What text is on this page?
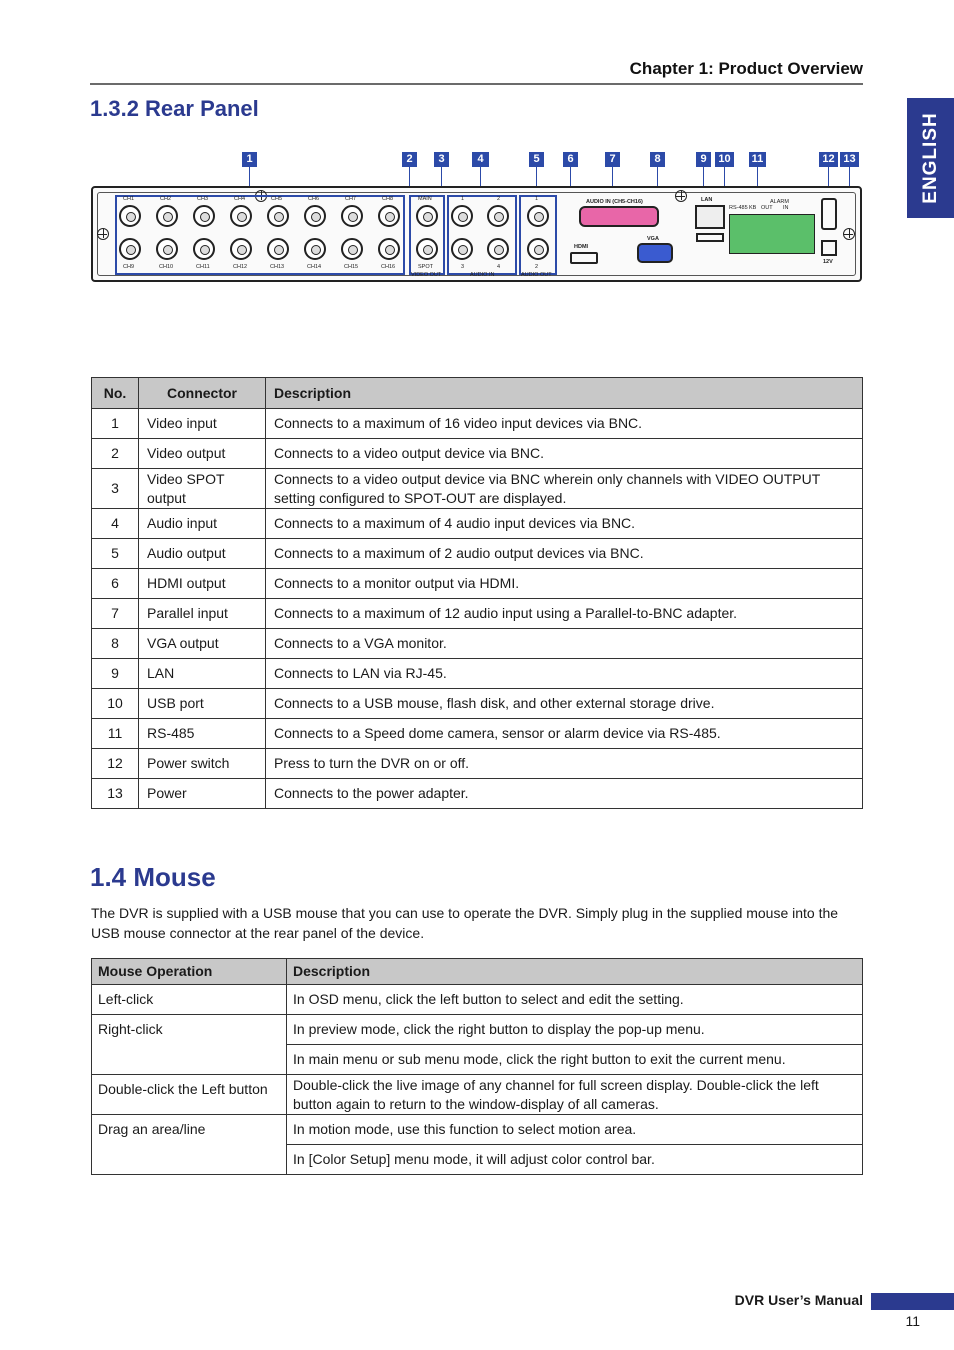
Chapter 1: Product Overview
ENGLISH
1.3.2 Rear Panel
1	2	3	4	5	6	7	8	9	10	11	12 13
CH1	CH2	CH3	CH4	CH5	CH6	CH7	CH8
CH9	CH10	CH11	CH12	CH13	CH14	CH15	CH16
MAIN
SPOT
VIDEO OUT
1	2
3	4
AUDIO IN
1
2
AUDIO OUT
HDMI
AUDIO IN (CH5-CH16)
VGA
LAN
RS-485 KB
ALARM
OUT IN
12V
No.	Connector	Description
1	Video input	Connects to a maximum of 16 video input devices via BNC.
2	Video output	Connects to a video output device via BNC.
3	Video SPOT output	Connects to a video output device via BNC wherein only channels with VIDEO OUTPUT setting configured to SPOT-OUT are displayed.
4	Audio input	Connects to a maximum of 4 audio input devices via BNC.
5	Audio output	Connects to a maximum of 2 audio output devices via BNC.
6	HDMI output	Connects to a monitor output via HDMI.
7	Parallel input	Connects to a maximum of 12 audio input using a Parallel-to-BNC adapter.
8	VGA output	Connects to a VGA monitor.
9	LAN	Connects to LAN via RJ-45.
10	USB port	Connects to a USB mouse, flash disk, and other external storage drive.
11	RS-485	Connects to a Speed dome camera, sensor or alarm device via RS-485.
12	Power switch	Press to turn the DVR on or off.
13	Power	Connects to the power adapter.
1.4 Mouse
The DVR is supplied with a USB mouse that you can use to operate the DVR. Simply plug in the supplied mouse into the USB mouse connector at the rear panel of the device.
Mouse Operation	Description
Left-click	In OSD menu, click the left button to select and edit the setting.
Right-click	In preview mode, click the right button to display the pop-up menu.
	In main menu or sub menu mode, click the right button to exit the current menu.
Double-click the Left button	Double-click the live image of any channel for full screen display. Double-click the left button again to return to the window-display of all cameras.
Drag an area/line	In motion mode, use this function to select motion area.
	In [Color Setup] menu mode, it will adjust color control bar.
DVR User’s Manual
11
